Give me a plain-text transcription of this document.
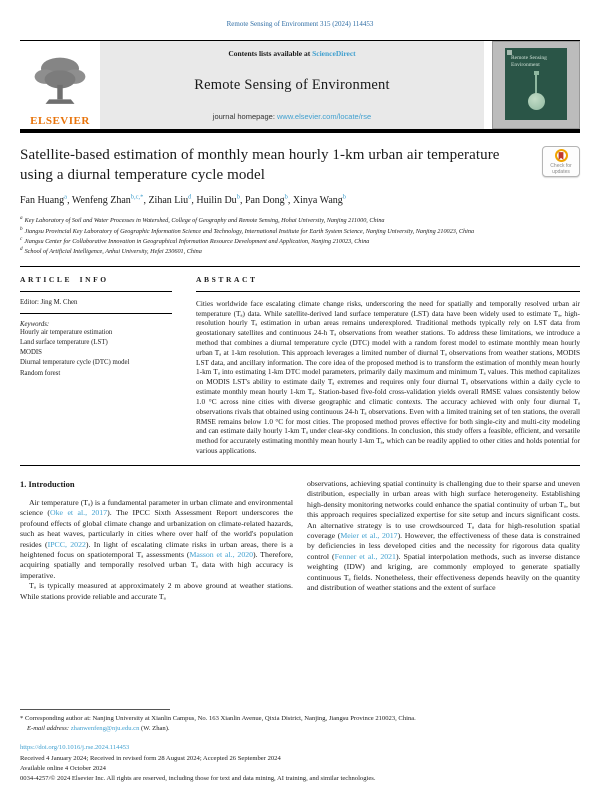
Remote Sensing of Environment 315 (2024) 114453
ELSEVIER
Contents lists available at ScienceDirect
Remote Sensing of Environment
journal homepage: www.elsevier.com/locate/rse
Remote Sensing
Environment
Satellite-based estimation of monthly mean hourly 1-km urban air temperature using a diurnal temperature cycle model
Check for
updates
Fan Huang$^a$, Wenfeng Zhan$^{b,c,*}$, Zihan Liu$^d$, Huilin Du$^b$, Pan Dong$^b$, Xinya Wang$^b$
$^a$ Key Laboratory of Soil and Water Processes in Watershed, College of Geography and Remote Sensing, Hohai University, Nanjing 211000, China
$^b$ Jiangsu Provincial Key Laboratory of Geographic Information Science and Technology, International Institute for Earth System Science, Nanjing University, Nanjing 210023, China
$^c$ Jiangsu Center for Collaborative Innovation in Geographical Information Resource Development and Application, Nanjing 210023, China
$^d$ School of Artificial Intelligence, Anhui University, Hefei 230601, China
ARTICLE INFO
Editor: Jing M. Chen
Keywords:
Hourly air temperature estimation
Land surface temperature (LST)
MODIS
Diurnal temperature cycle (DTC) model
Random forest
ABSTRACT
Cities worldwide face escalating climate change risks, underscoring the need for spatially and temporally resolved urban air temperature (Tₐ) data. While satellite-derived land surface temperature (LST) data have been widely used to estimate Tₐ, high-resolution hourly Tₐ estimation in urban areas remains underexplored. Traditional methods typically rely on LST data from geostationary satellites and continuous 24-h Tₐ observations from weather stations. To address these limitations, we introduce a method that combines a diurnal temperature cycle (DTC) model with a random forest model to estimate monthly mean hourly urban Tₐ at 1-km resolution. This approach leverages a limited number of diurnal Tₐ observations from weather stations, MODIS LST data, and ancillary information. The core idea of the proposed method is to transform the estimation of monthly mean hourly 1-km Tₐ into estimating 1-km DTC model parameters, primarily daily maximum and minimum Tₐ values. This method capitalizes on MODIS LST's ability to estimate daily Tₐ extremes and requires only four diurnal Tₐ observations within a daily cycle to estimate monthly mean hourly 1-km Tₐ. Station-based five-fold cross-validation yields overall RMSE values consistently below 1.0 °C across nine cities with diverse geographic and climatic contexts. The accuracy achieved with only four diurnal Tₐ observations rivals that obtained using continuous 24-h Tₐ observations. Even with a limited training set of ten stations, the overall RMSE remains below 1.0 °C for most cities. The proposed method proves effective for both single-city and multi-city modeling and can estimate daily hourly 1-km Tₐ under clear-sky conditions. In conclusion, this study offers a feasible, efficient, and versatile method for accurately estimating monthly mean hourly 1-km Tₐ, which can be readily applied to other cities and holds potential for various applications.
1. Introduction

Air temperature (Tₐ) is a fundamental parameter in urban climate and environmental science (Oke et al., 2017). The IPCC Sixth Assessment Report underscores the profound effects of global climate change and urbanization on climate-related hazards, such as heat waves, particularly in cities where over half of the world's population resides (IPCC, 2022). In light of escalating climate risks in urban areas, there is a heightened focus on spatiotemporal Tₐ assessments (Masson et al., 2020). Therefore, acquiring spatially and temporally resolved urban Tₐ data with high accuracy is imperative.

Tₐ is typically measured at approximately 2 m above ground at weather stations. While stations provide reliable and accurate Tₐ

observations, achieving spatial continuity is challenging due to their sparse and uneven distribution, especially in urban areas with high surface heterogeneity. Establishing high-density monitoring networks could enhance the spatial continuity of urban Tₐ, but this approach requires specialized expertise for site setup and incurs significant costs. An alternative strategy is to use crowdsourced Tₐ data for high-resolution spatial coverage (Meier et al., 2017). However, the effectiveness of these data is constrained by deficiencies in less developed cities and the necessity for rigorous data quality control (Fenner et al., 2021). Spatial interpolation methods, such as inverse distance weighting (IDW) and kriging, are commonly employed to generate spatially continuous Tₐ fields. Nonetheless, their effectiveness depends heavily on the quantity and distribution of weather stations and the extent of surface

* Corresponding author at: Nanjing University at Xianlin Campus, No. 163 Xianlin Avenue, Qixia District, Nanjing, Jiangsu Province 210023, China.
E-mail address: zhanwenfeng@nju.edu.cn (W. Zhan).
https://doi.org/10.1016/j.rse.2024.114453
Received 4 January 2024; Received in revised form 28 August 2024; Accepted 26 September 2024
Available online 4 October 2024
0034-4257/© 2024 Elsevier Inc. All rights are reserved, including those for text and data mining, AI training, and similar technologies.
